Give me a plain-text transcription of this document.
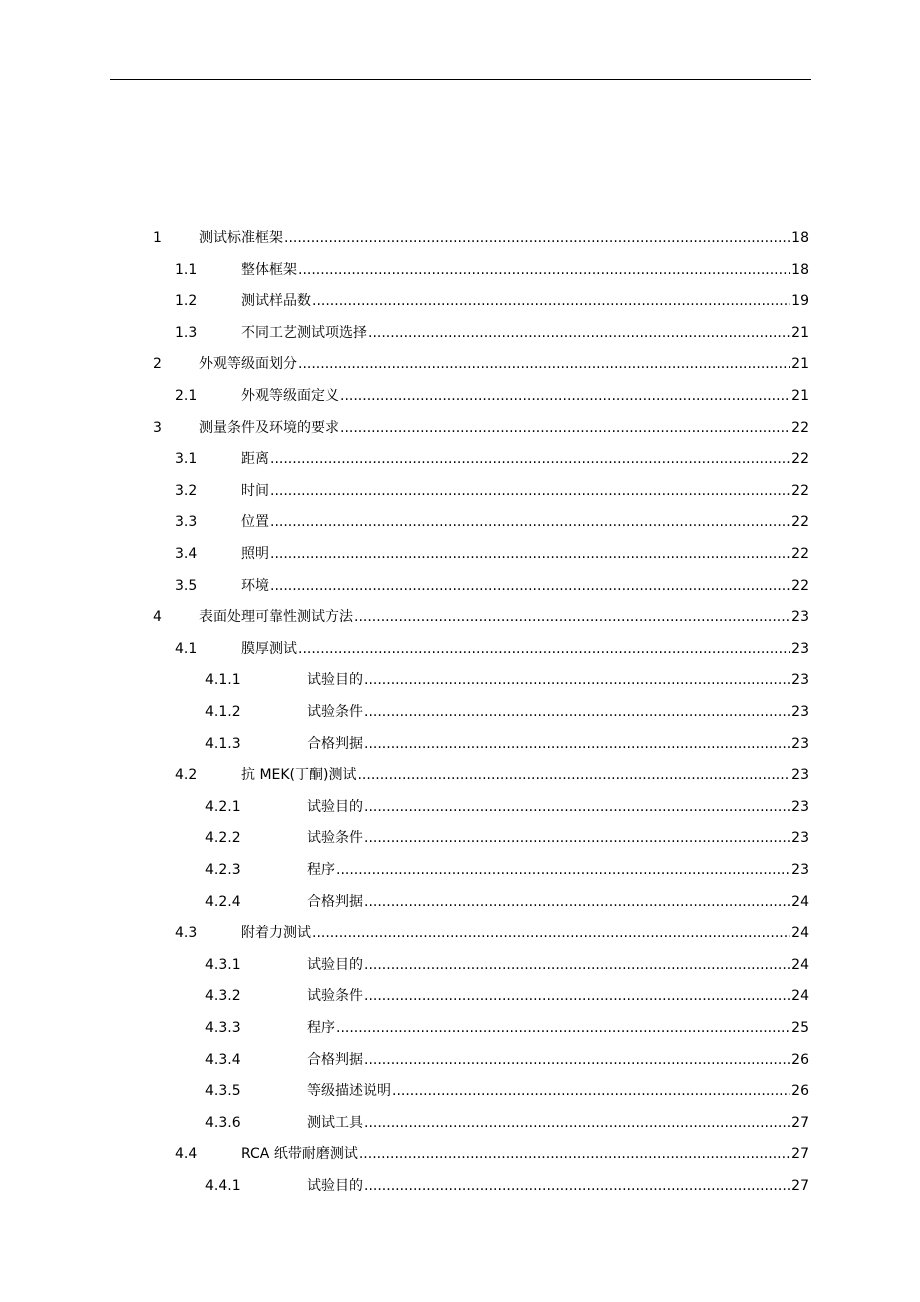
1	测试标准框架 .....	18
1.1	整体框架 .....	18
1.2	测试样品数 .....	19
1.3	不同工艺测试项选择 .....	21
2	外观等级面划分 .....	21
2.1	外观等级面定义 .....	21
3	测量条件及环境的要求 .....	22
3.1	距离 .....	22
3.2	时间 .....	22
3.3	位置 .....	22
3.4	照明 .....	22
3.5	环境 .....	22
4	表面处理可靠性测试方法 .....	23
4.1	膜厚测试 .....	23
4.1.1	试验目的 .....	23
4.1.2	试验条件 .....	23
4.1.3	合格判据 .....	23
4.2	抗 MEK(丁酮)测试 .....	23
4.2.1	试验目的 .....	23
4.2.2	试验条件 .....	23
4.2.3	程序 .....	23
4.2.4	合格判据 .....	24
4.3	附着力测试 .....	24
4.3.1	试验目的 .....	24
4.3.2	试验条件 .....	24
4.3.3	程序 .....	25
4.3.4	合格判据 .....	26
4.3.5	等级描述说明 .....	26
4.3.6	测试工具 .....	27
4.4	RCA 纸带耐磨测试 .....	27
4.4.1	试验目的 .....	27
